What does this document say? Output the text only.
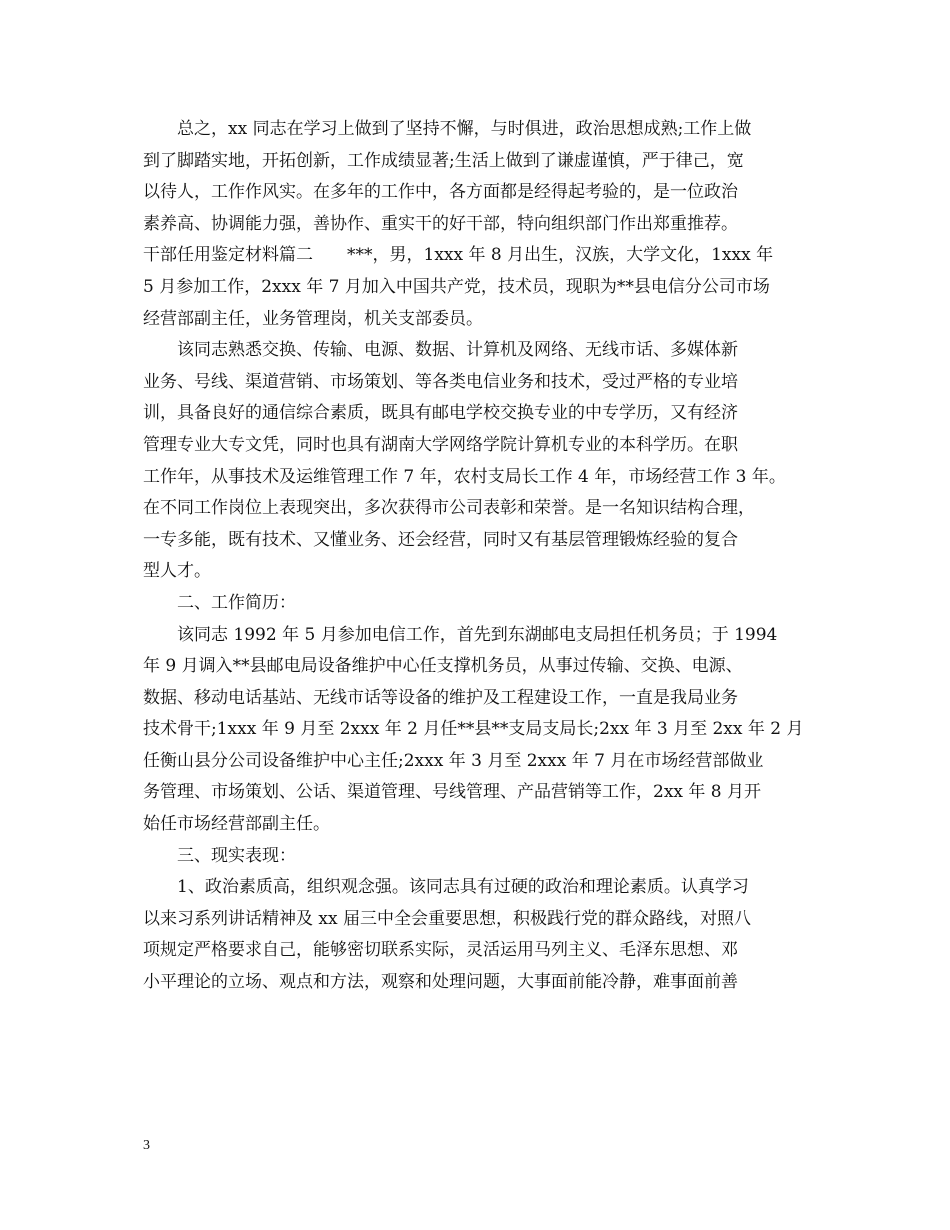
总之，xx 同志在学习上做到了坚持不懈，与时俱进，政治思想成熟;工作上做
到了脚踏实地，开拓创新，工作成绩显著;生活上做到了谦虚谨慎，严于律己，宽
以待人，工作作风实。在多年的工作中，各方面都是经得起考验的，是一位政治
素养高、协调能力强，善协作、重实干的好干部，特向组织部门作出郑重推荐。
干部任用鉴定材料篇二　　***，男，1xxx 年 8 月出生，汉族，大学文化，1xxx 年
5 月参加工作，2xxx 年 7 月加入中国共产党，技术员，现职为**县电信分公司市场
经营部副主任，业务管理岗，机关支部委员。
该同志熟悉交换、传输、电源、数据、计算机及网络、无线市话、多媒体新
业务、号线、渠道营销、市场策划、等各类电信业务和技术，受过严格的专业培
训，具备良好的通信综合素质，既具有邮电学校交换专业的中专学历，又有经济
管理专业大专文凭，同时也具有湖南大学网络学院计算机专业的本科学历。在职
工作年，从事技术及运维管理工作 7 年，农村支局长工作 4 年，市场经营工作 3 年。
在不同工作岗位上表现突出，多次获得市公司表彰和荣誉。是一名知识结构合理，
一专多能，既有技术、又懂业务、还会经营，同时又有基层管理锻炼经验的复合
型人才。
二、工作简历：
该同志 1992 年 5 月参加电信工作，首先到东湖邮电支局担任机务员；于 1994
年 9 月调入**县邮电局设备维护中心任支撑机务员，从事过传输、交换、电源、
数据、移动电话基站、无线市话等设备的维护及工程建设工作，一直是我局业务
技术骨干;1xxx 年 9 月至 2xxx 年 2 月任**县**支局支局长;2xx 年 3 月至 2xx 年 2 月
任衡山县分公司设备维护中心主任;2xxx 年 3 月至 2xxx 年 7 月在市场经营部做业
务管理、市场策划、公话、渠道管理、号线管理、产品营销等工作，2xx 年 8 月开
始任市场经营部副主任。
三、现实表现：
1、政治素质高，组织观念强。该同志具有过硬的政治和理论素质。认真学习
以来习系列讲话精神及 xx 届三中全会重要思想，积极践行党的群众路线，对照八
项规定严格要求自己，能够密切联系实际，灵活运用马列主义、毛泽东思想、邓
小平理论的立场、观点和方法，观察和处理问题，大事面前能冷静，难事面前善
3
